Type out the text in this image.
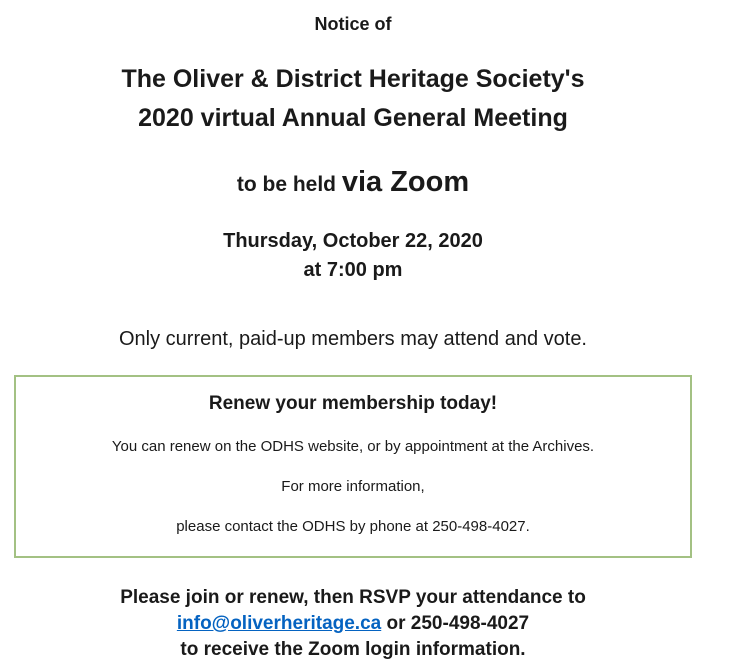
Notice of
The Oliver & District Heritage Society's
2020 virtual Annual General Meeting
to be held via Zoom
Thursday, October 22, 2020
at 7:00 pm
Only current, paid-up members may attend and vote.
Renew your membership today!
You can renew on the ODHS website, or by appointment at the Archives.
For more information,
please contact the ODHS by phone at 250-498-4027.
Please join or renew, then RSVP your attendance to
info@oliverheritage.ca or 250-498-4027
to receive the Zoom login information.
